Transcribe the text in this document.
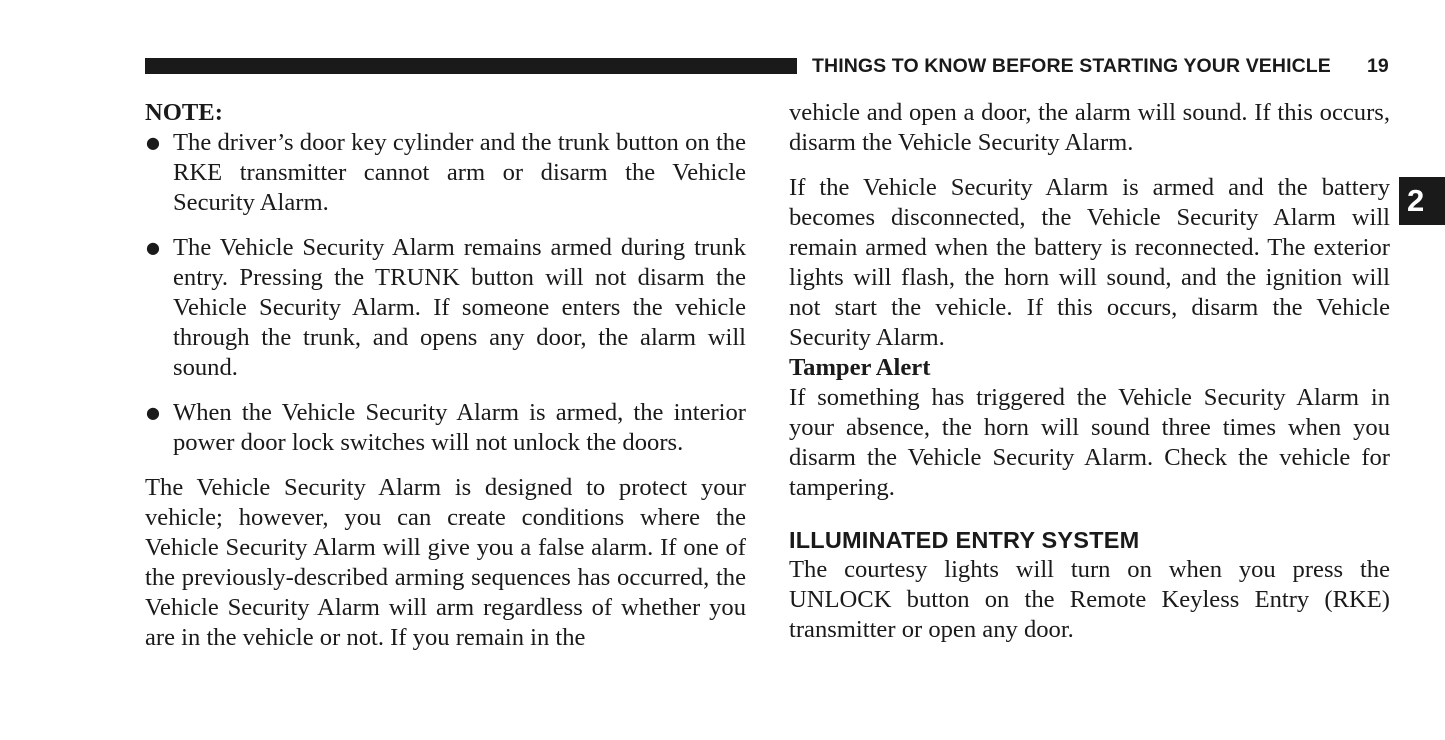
THINGS TO KNOW BEFORE STARTING YOUR VEHICLE 19
2

NOTE:

● The driver’s door key cylinder and the trunk button on the RKE transmitter cannot arm or disarm the Vehicle Security Alarm.
● The Vehicle Security Alarm remains armed during trunk entry. Pressing the TRUNK button will not disarm the Vehicle Security Alarm. If someone enters the vehicle through the trunk, and opens any door, the alarm will sound.
● When the Vehicle Security Alarm is armed, the interior power door lock switches will not unlock the doors.

The Vehicle Security Alarm is designed to protect your vehicle; however, you can create conditions where the Vehicle Security Alarm will give you a false alarm. If one of the previously-described arming sequences has occurred, the Vehicle Security Alarm will arm regardless of whether you are in the vehicle or not. If you remain in the

vehicle and open a door, the alarm will sound. If this occurs, disarm the Vehicle Security Alarm.

If the Vehicle Security Alarm is armed and the battery becomes disconnected, the Vehicle Security Alarm will remain armed when the battery is reconnected. The exterior lights will flash, the horn will sound, and the ignition will not start the vehicle. If this occurs, disarm the Vehicle Security Alarm.

Tamper Alert

If something has triggered the Vehicle Security Alarm in your absence, the horn will sound three times when you disarm the Vehicle Security Alarm. Check the vehicle for tampering.

ILLUMINATED ENTRY SYSTEM

The courtesy lights will turn on when you press the UNLOCK button on the Remote Keyless Entry (RKE) transmitter or open any door.
